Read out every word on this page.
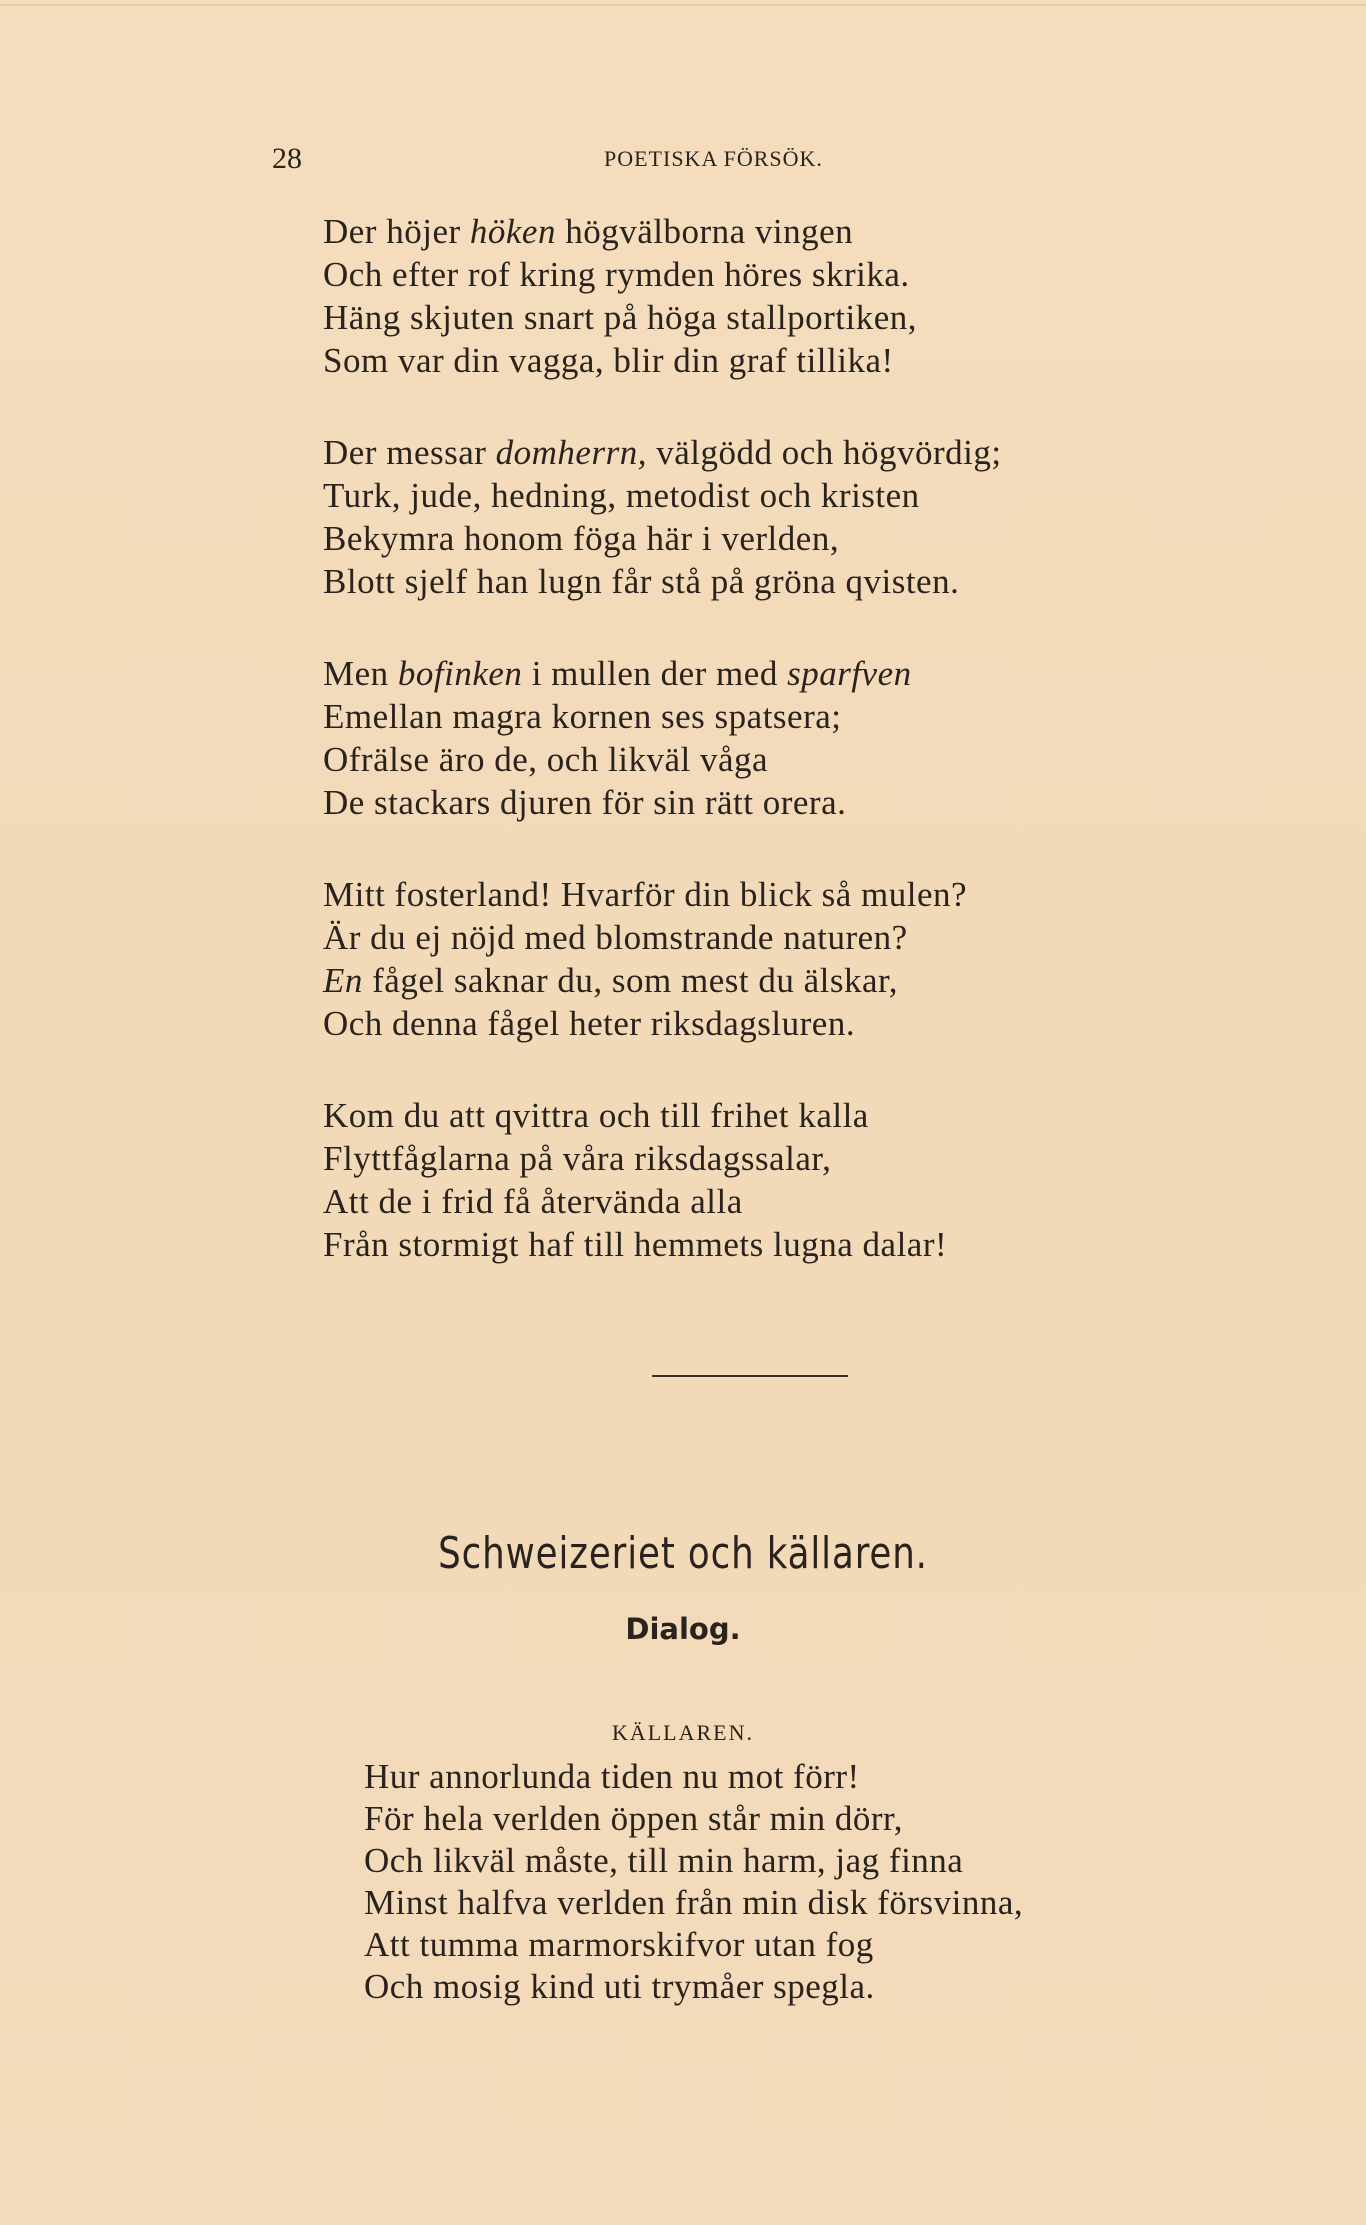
28	POETISKA FÖRSÖK.
Der höjer höken högvälborna vingen
Och efter rof kring rymden höres skrika.
Häng skjuten snart på höga stallportiken,
Som var din vagga, blir din graf tillika!
Der messar domherrn, välgödd och högvördig;
Turk, jude, hedning, metodist och kristen
Bekymra honom föga här i verlden,
Blott sjelf han lugn får stå på gröna qvisten.
Men bofinken i mullen der med sparfven
Emellan magra kornen ses spatsera;
Ofrälse äro de, och likväl våga
De stackars djuren för sin rätt orera.
Mitt fosterland! Hvarför din blick så mulen?
Är du ej nöjd med blomstrande naturen?
En fågel saknar du, som mest du älskar,
Och denna fågel heter riksdagsluren.
Kom du att qvittra och till frihet kalla
Flyttfåglarna på våra riksdagssalar,
Att de i frid få återvända alla
Från stormigt haf till hemmets lugna dalar!
Schweizeriet och källaren.
Dialog.
KÄLLAREN.
Hur annorlunda tiden nu mot förr!
För hela verlden öppen står min dörr,
Och likväl måste, till min harm, jag finna
Minst halfva verlden från min disk försvinna,
Att tumma marmorskifvor utan fog
Och mosig kind uti trymåer spegla.
